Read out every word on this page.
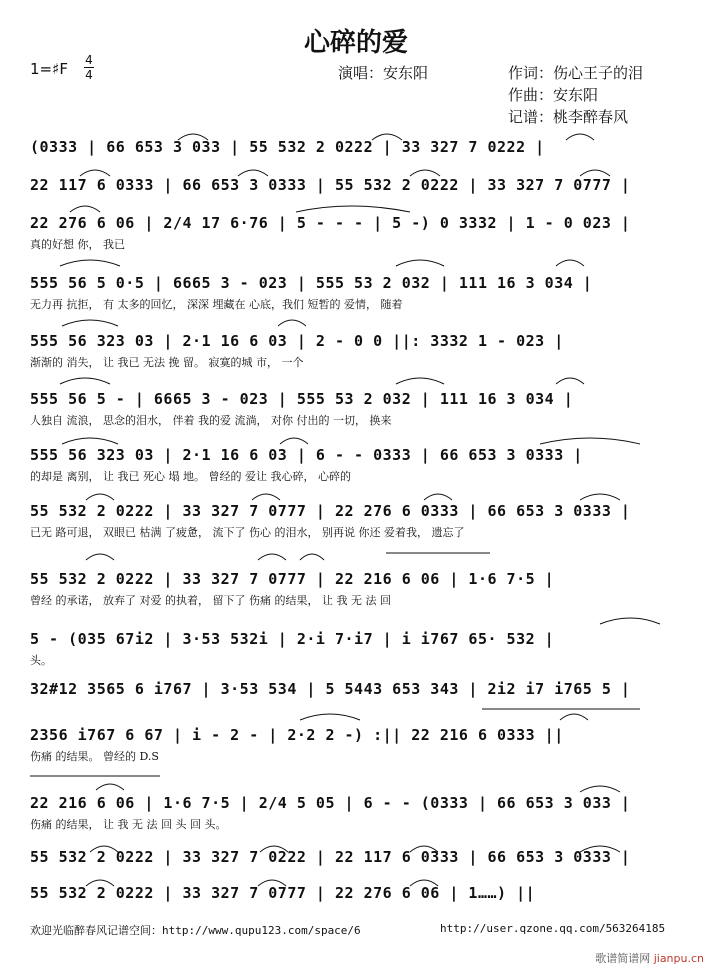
心碎的爱
演唱：安东阳	作词：伤心王子的泪
作曲：安东阳
记谱：桃李醉春风
1=♯F 4
4
(0333 | 66 653 3 033 | 55 532 2 0222 | 33 327 7 0222 |
22 117 6 0333 | 66 653 3 0333 | 55 532 2 0222 | 33 327 7 0777 |
22 276 6 06 | 2/4 17 6·76 | 5 - - - | 5 -) 0 3332 | 1 - 0 023 |
真的好想 你， 我已
555 56 5 0·5 | 6665 3 - 023 | 555 53 2 032 | 111 16 3 034 |
无力再 抗拒， 有 太多的回忆， 深深 埋藏在 心底，我们 短暂的 爱情， 随着
555 56 323 03 | 2·1 16 6 03 | 2 - 0 0 ||: 3332 1 - 023 |
渐渐的 消失， 让 我已 无法 挽 留。 寂寞的城 市， 一个
555 56 5 - | 6665 3 - 023 | 555 53 2 032 | 111 16 3 034 |
人独自 流浪， 思念的泪水， 伴着 我的爱 流淌， 对你 付出的 一切， 换来
555 56 323 03 | 2·1 16 6 03 | 6 - - 0333 | 66 653 3 0333 |
的却是 离别， 让 我已 死心 塌 地。 曾经的 爱让 我心碎， 心碎的
55 532 2 0222 | 33 327 7 0777 | 22 276 6 0333 | 66 653 3 0333 |
已无 路可退， 双眼已 枯满 了疲惫， 流下了 伤心 的泪水， 别再说 你还 爱着我， 遗忘了
55 532 2 0222 | 33 327 7 0777 | 22 216 6 06 | 1·6 7·5 |
曾经 的承诺， 放弃了 对爱 的执着， 留下了 伤痛 的结果， 让 我 无 法 回
5 - (035 67i2 | 3·53 532i | 2·i 7·i7 | i i767 65· 532 |
头。
32#12 3565 6 i767 | 3·53 534 | 5 5443 653 343 | 2i2 i7 i765 5 |
2356 i767 6 67 | i - 2 - | 2·2 2 -) :|| 22 216 6 0333 ||
伤痛 的结果。 曾经的 D.S
22 216 6 06 | 1·6 7·5 | 2/4 5 05 | 6 - - (0333 | 66 653 3 033 |
伤痛 的结果， 让 我 无 法 回 头 回 头。
55 532 2 0222 | 33 327 7 0222 | 22 117 6 0333 | 66 653 3 0333 |
55 532 2 0222 | 33 327 7 0777 | 22 276 6 06 | 1……) ||
欢迎光临醉春风记谱空间：http://www.qupu123.com/space/6	http://user.qzone.qq.com/563264185
歌谱简谱网 jianpu.cn
